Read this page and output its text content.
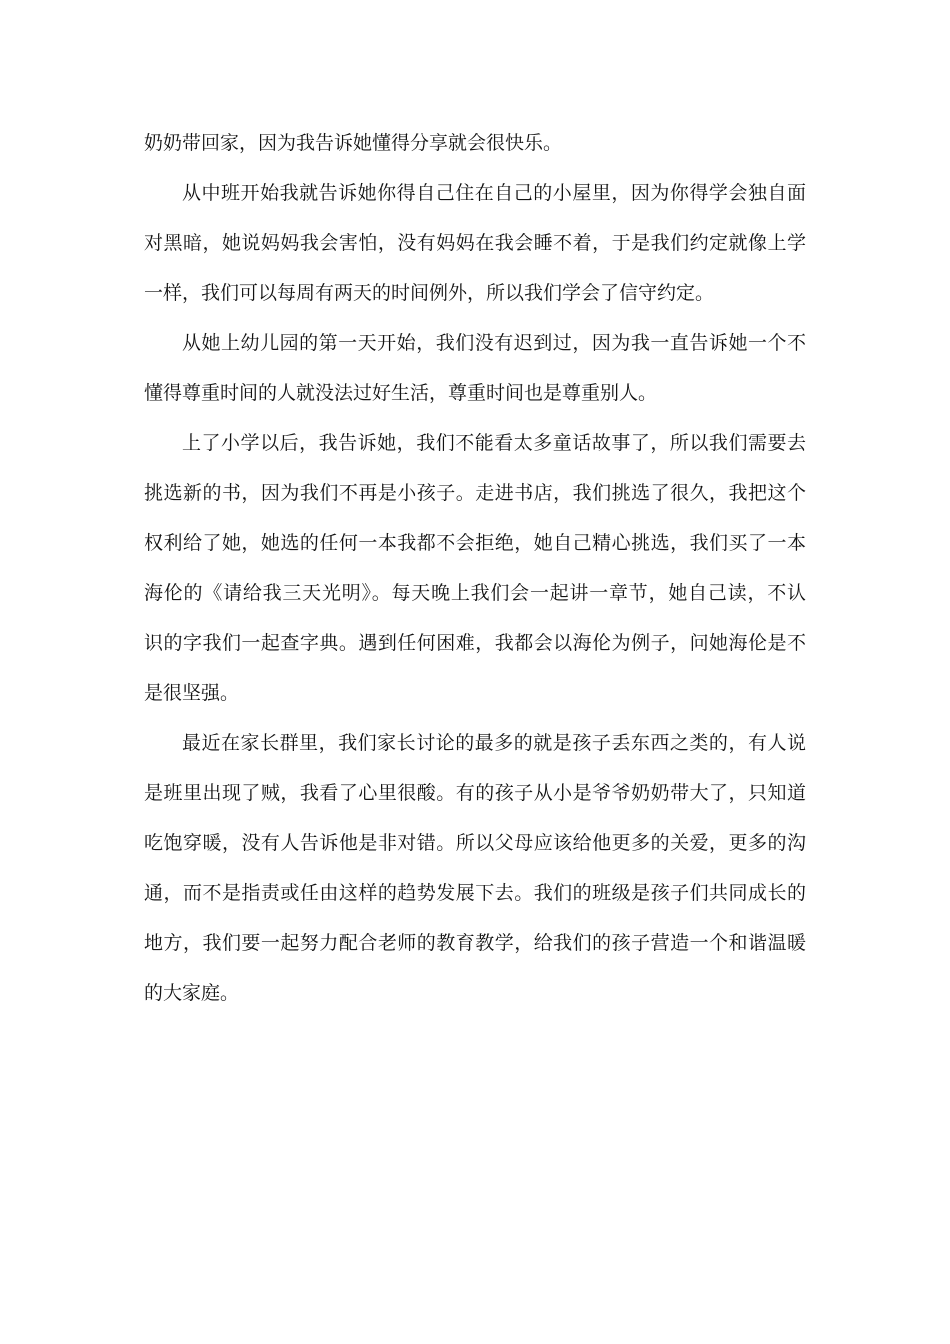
奶奶带回家，因为我告诉她懂得分享就会很快乐。
从中班开始我就告诉她你得自己住在自己的小屋里，因为你得学会独自面
对黑暗，她说妈妈我会害怕，没有妈妈在我会睡不着，于是我们约定就像上学
一样，我们可以每周有两天的时间例外，所以我们学会了信守约定。
从她上幼儿园的第一天开始，我们没有迟到过，因为我一直告诉她一个不
懂得尊重时间的人就没法过好生活，尊重时间也是尊重别人。
上了小学以后，我告诉她，我们不能看太多童话故事了，所以我们需要去
挑选新的书，因为我们不再是小孩子。走进书店，我们挑选了很久，我把这个
权利给了她，她选的任何一本我都不会拒绝，她自己精心挑选，我们买了一本
海伦的《请给我三天光明》。每天晚上我们会一起讲一章节，她自己读，不认
识的字我们一起查字典。遇到任何困难，我都会以海伦为例子，问她海伦是不
是很坚强。
最近在家长群里，我们家长讨论的最多的就是孩子丢东西之类的，有人说
是班里出现了贼，我看了心里很酸。有的孩子从小是爷爷奶奶带大了，只知道
吃饱穿暖，没有人告诉他是非对错。所以父母应该给他更多的关爱，更多的沟
通，而不是指责或任由这样的趋势发展下去。我们的班级是孩子们共同成长的
地方，我们要一起努力配合老师的教育教学，给我们的孩子营造一个和谐温暖
的大家庭。
